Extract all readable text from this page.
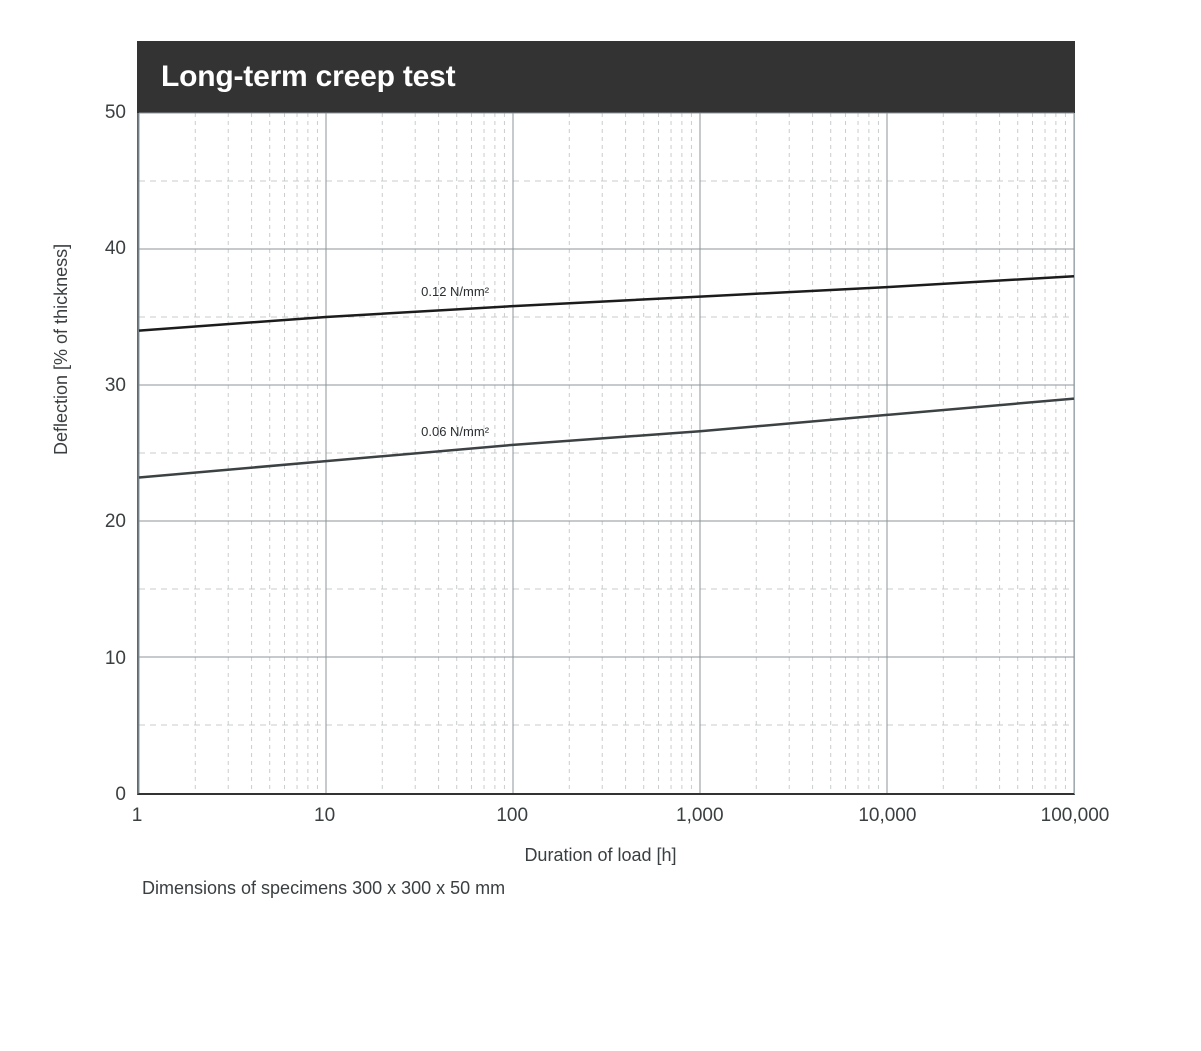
Long-term creep test
0
10
20
30
40
50
1	10	100	1,000	10,000	100,000
0.12 N/mm²
0.06 N/mm²
Deflection [% of thickness]
Duration of load [h]
Dimensions of specimens 300 x 300 x 50 mm
